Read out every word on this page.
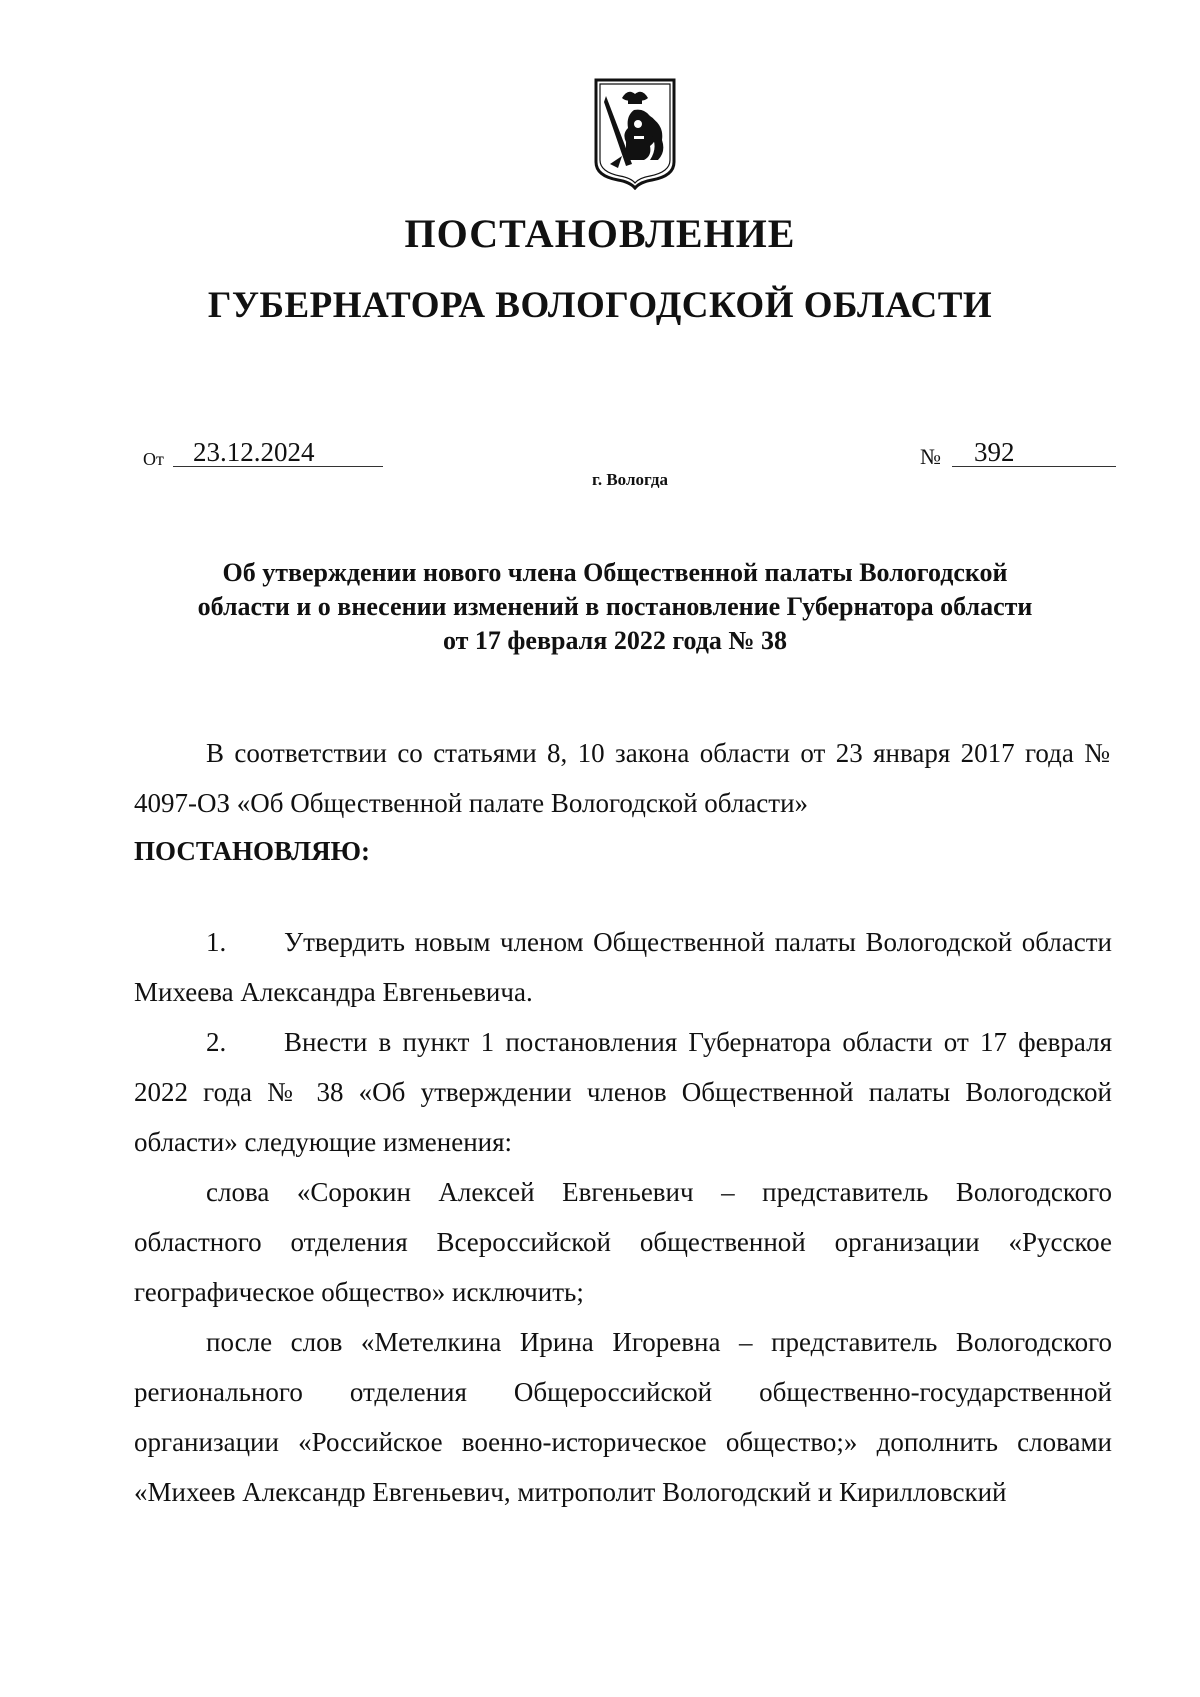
ПОСТАНОВЛЕНИЕ
ГУБЕРНАТОРА ВОЛОГОДСКОЙ ОБЛАСТИ
От	23.12.2024	№	392
г. Вологда
Об утверждении нового члена Общественной палаты Вологодской
области и о внесении изменений в постановление Губернатора области
от 17 февраля 2022 года № 38
В соответствии со статьями 8, 10 закона области от 23 января 2017 года № 4097-ОЗ «Об Общественной палате Вологодской области»
ПОСТАНОВЛЯЮ:

1. Утвердить новым членом Общественной палаты Вологодской области Михеева Александра Евгеньевича.

2. Внести в пункт 1 постановления Губернатора области от 17 февраля 2022 года № 38 «Об утверждении членов Общественной палаты Вологодской области» следующие изменения:

слова «Сорокин Алексей Евгеньевич – представитель Вологодского областного отделения Всероссийской общественной организации «Русское географическое общество» исключить;

после слов «Метелкина Ирина Игоревна – представитель Вологодского регионального отделения Общероссийской общественно-государственной организации «Российское военно-историческое общество;» дополнить словами «Михеев Александр Евгеньевич, митрополит Вологодский и Кирилловский
